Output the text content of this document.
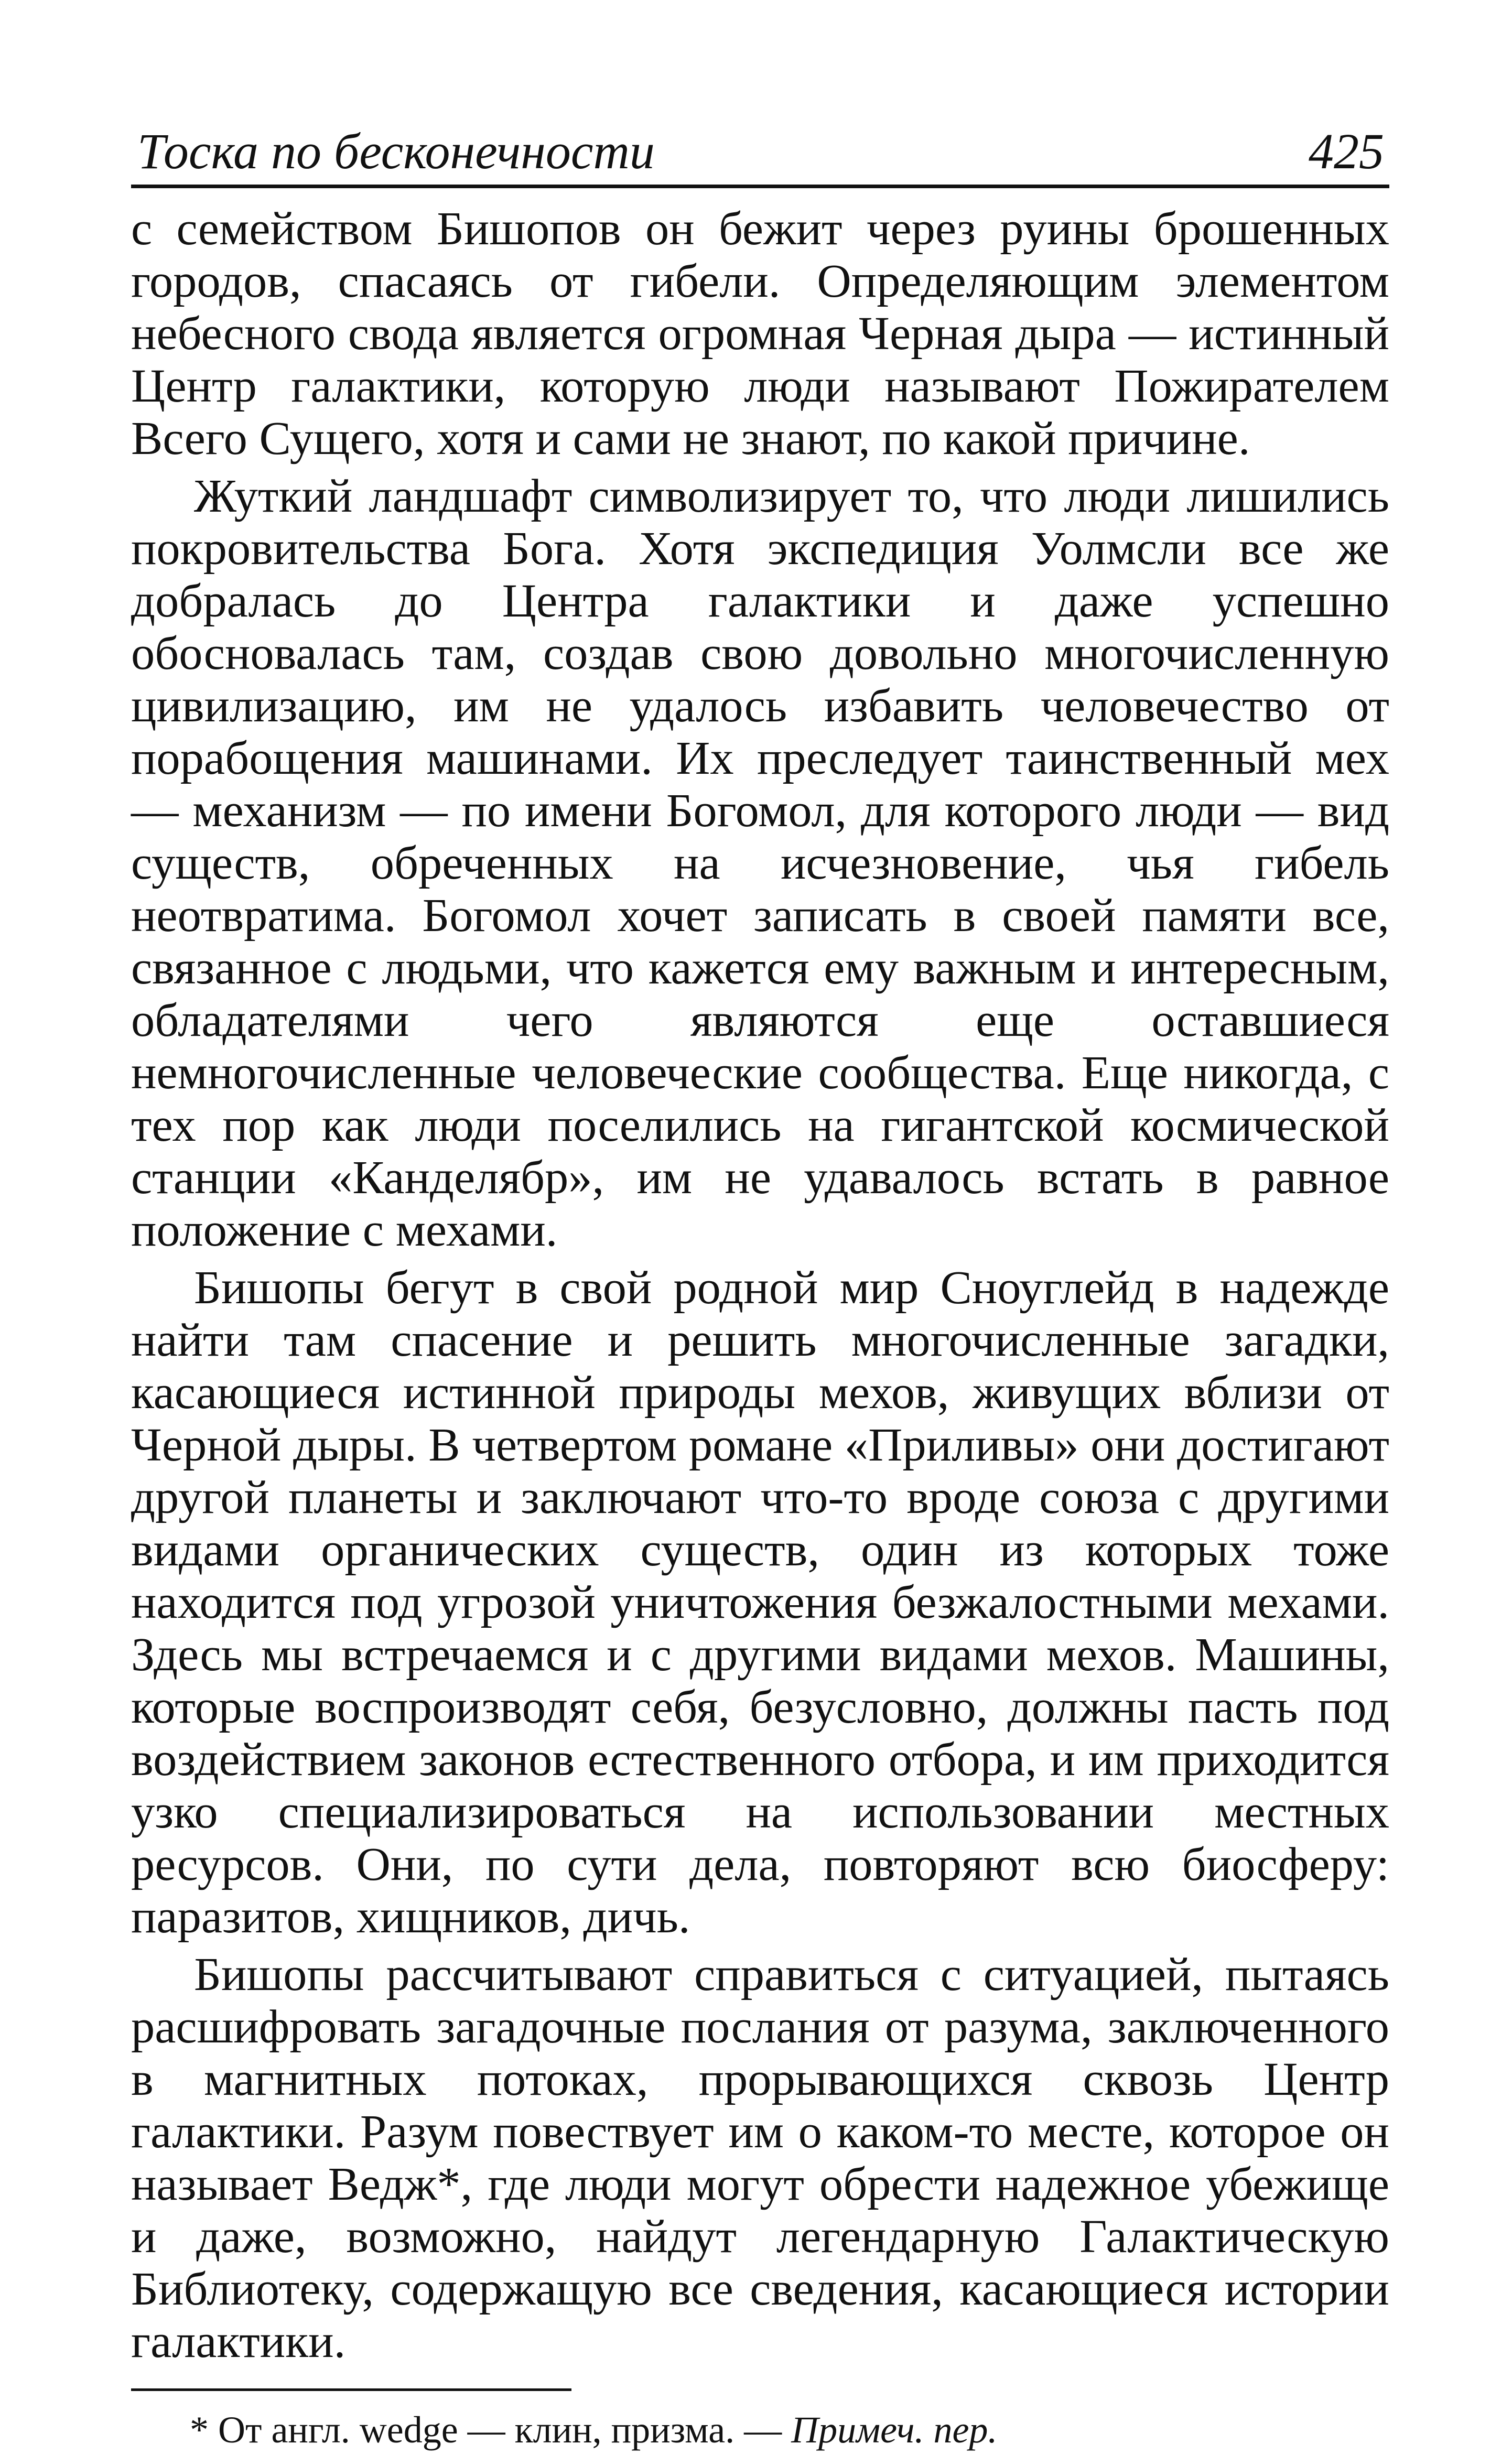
Тоска по бесконечности	425

с семейством Бишопов он бежит через руины брошенных городов, спасаясь от гибели. Определяющим элементом небесного свода является огромная Черная дыра — истинный Центр галактики, которую люди называют Пожирателем Всего Сущего, хотя и сами не знают, по какой причине.

Жуткий ландшафт символизирует то, что люди лишились покровительства Бога. Хотя экспедиция Уолмсли все же добралась до Центра галактики и даже успешно обосновалась там, создав свою довольно многочисленную цивилизацию, им не удалось избавить человечество от порабощения машинами. Их преследует таинственный мех — механизм — по имени Богомол, для которого люди — вид существ, обреченных на исчезновение, чья гибель неотвратима. Богомол хочет записать в своей памяти все, связанное с людьми, что кажется ему важным и интересным, обладателями чего являются еще оставшиеся немногочисленные человеческие сообщества. Еще никогда, с тех пор как люди поселились на гигантской космической станции «Канделябр», им не удавалось встать в равное положение с мехами.

Бишопы бегут в свой родной мир Сноуглейд в надежде найти там спасение и решить многочисленные загадки, касающиеся истинной природы мехов, живущих вблизи от Черной дыры. В четвертом романе «Приливы» они достигают другой планеты и заключают что-то вроде союза с другими видами органических существ, один из которых тоже находится под угрозой уничтожения безжалостными мехами. Здесь мы встречаемся и с другими видами мехов. Машины, которые воспроизводят себя, безусловно, должны пасть под воздействием законов естественного отбора, и им приходится узко специализироваться на использовании местных ресурсов. Они, по сути дела, повторяют всю биосферу: паразитов, хищников, дичь.

Бишопы рассчитывают справиться с ситуацией, пытаясь расшифровать загадочные послания от разума, заключенного в магнитных потоках, прорывающихся сквозь Центр галактики. Разум повествует им о каком-то месте, которое он называет Ведж*, где люди могут обрести надежное убежище и даже, возможно, найдут легендарную Галактическую Библиотеку, содержащую все сведения, касающиеся истории галактики.

* От англ. wedge — клин, призма. — Примеч. пер.
